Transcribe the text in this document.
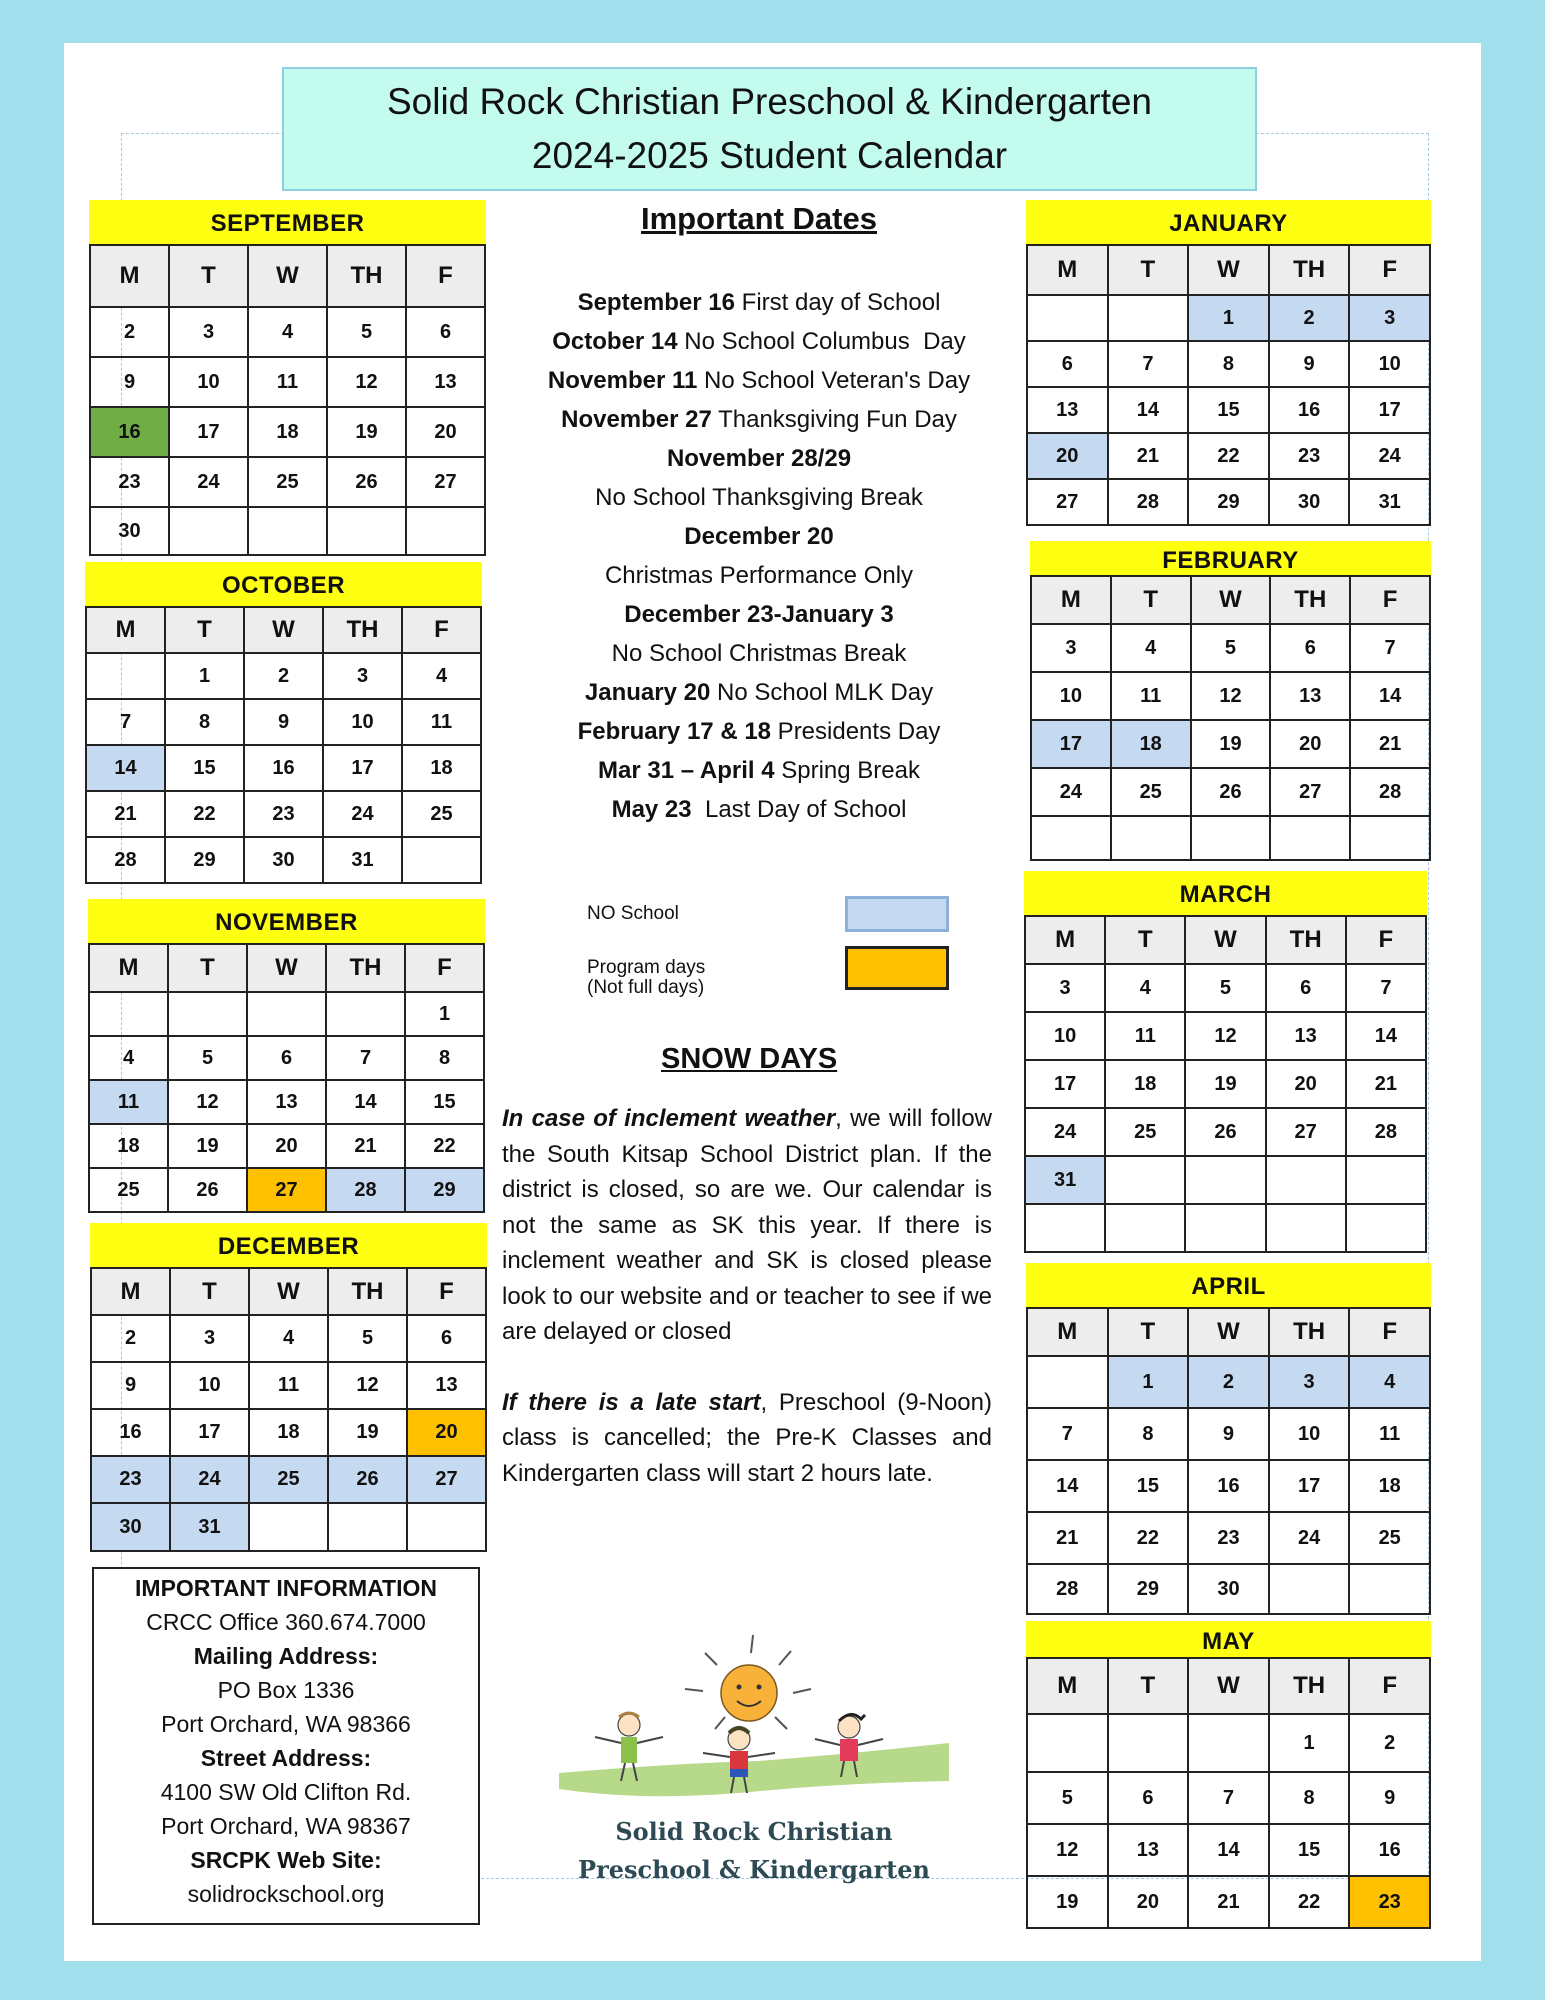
Solid Rock Christian Preschool & Kindergarten
2024-2025 Student Calendar
SEPTEMBER
M	T	W	TH	F
2	3	4	5	6
9	10	11	12	13
16	17	18	19	20
23	24	25	26	27
30				
OCTOBER
M	T	W	TH	F
	1	2	3	4
7	8	9	10	11
14	15	16	17	18
21	22	23	24	25
28	29	30	31	
NOVEMBER
M	T	W	TH	F
				1
4	5	6	7	8
11	12	13	14	15
18	19	20	21	22
25	26	27	28	29
DECEMBER
M	T	W	TH	F
2	3	4	5	6
9	10	11	12	13
16	17	18	19	20
23	24	25	26	27
30	31			
JANUARY
M	T	W	TH	F
		1	2	3
6	7	8	9	10
13	14	15	16	17
20	21	22	23	24
27	28	29	30	31
FEBRUARY
M	T	W	TH	F
3	4	5	6	7
10	11	12	13	14
17	18	19	20	21
24	25	26	27	28

MARCH
M	T	W	TH	F
3	4	5	6	7
10	11	12	13	14
17	18	19	20	21
24	25	26	27	28
31				

APRIL
M	T	W	TH	F
	1	2	3	4
7	8	9	10	11
14	15	16	17	18
21	22	23	24	25
28	29	30		
MAY
M	T	W	TH	F
			1	2
5	6	7	8	9
12	13	14	15	16
19	20	21	22	23
Important Dates
September 16 First day of School
October 14 No School Columbus  Day
November 11 No School Veteran's Day
November 27 Thanksgiving Fun Day
November 28/29
No School Thanksgiving Break
December 20
Christmas Performance Only
December 23-January 3
No School Christmas Break
January 20 No School MLK Day
February 17 & 18 Presidents Day
Mar 31 – April 4 Spring Break
May 23  Last Day of School
NO School
Program days
(Not full days)
SNOW DAYS

In case of inclement weather, we will follow the South Kitsap School District plan. If the district is closed, so are we. Our calendar is not the same as SK this year. If there is inclement weather and SK is closed please look to our website and or teacher to see if we are delayed or closed

If there is a late start, Preschool (9-Noon) class is cancelled; the Pre-K Classes and Kindergarten class will start 2 hours late.

IMPORTANT INFORMATION
CRCC Office 360.674.7000
Mailing Address:
PO Box 1336
Port Orchard, WA 98366
Street Address:
4100 SW Old Clifton Rd.
Port Orchard, WA 98367
SRCPK Web Site:
solidrockschool.org
Solid Rock Christian
Preschool & Kindergarten
